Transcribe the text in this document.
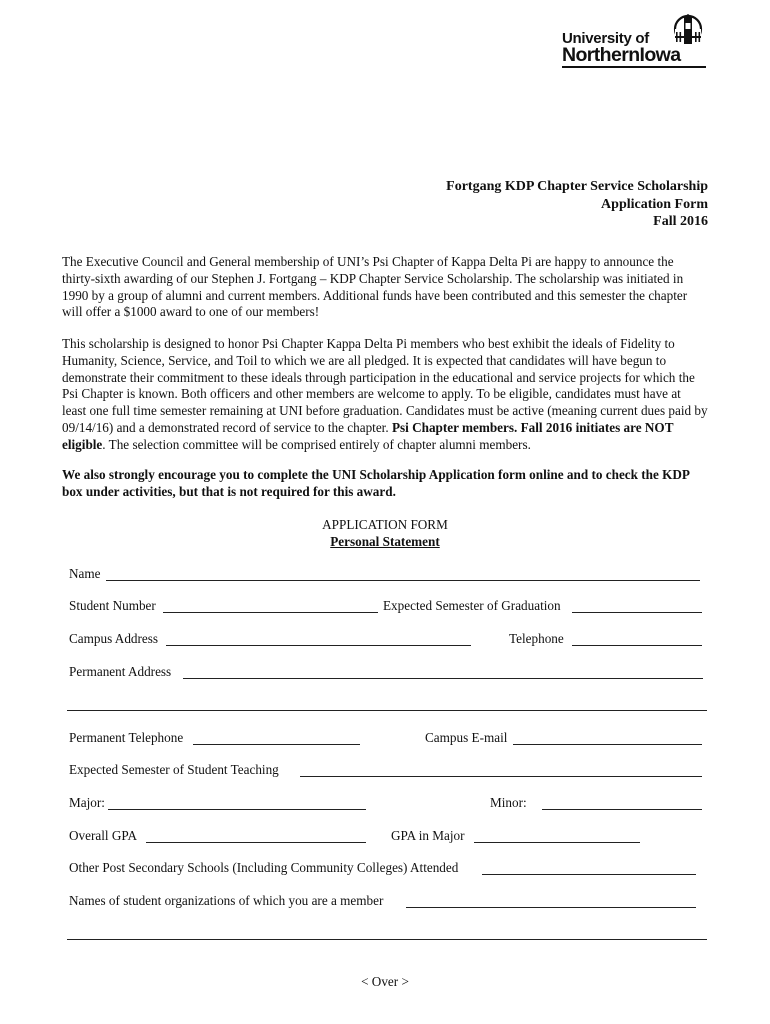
University of
NorthernIowa
Fortgang KDP Chapter Service Scholarship
Application Form
Fall 2016

The Executive Council and General membership of UNI’s Psi Chapter of Kappa Delta Pi are happy to announce the thirty-sixth awarding of our Stephen J. Fortgang – KDP Chapter Service Scholarship. The scholarship was initiated in 1990 by a group of alumni and current members. Additional funds have been contributed and this semester the chapter will offer a $1000 award to one of our members!

This scholarship is designed to honor Psi Chapter Kappa Delta Pi members who best exhibit the ideals of Fidelity to Humanity, Science, Service, and Toil to which we are all pledged. It is expected that candidates will have begun to demonstrate their commitment to these ideals through participation in the educational and service projects for which the Psi Chapter is known. Both officers and other members are welcome to apply. To be eligible, candidates must have at least one full time semester remaining at UNI before graduation. Candidates must be active (meaning current dues paid by 09/14/16) and a demonstrated record of service to the chapter. Psi Chapter members. Fall 2016 initiates are NOT eligible. The selection committee will be comprised entirely of chapter alumni members.

We also strongly encourage you to complete the UNI Scholarship Application form online and to check the KDP box under activities, but that is not required for this award.

APPLICATION FORM
Personal Statement
Name
Student Number	Expected Semester of Graduation
Campus Address	Telephone
Permanent Address
Permanent Telephone	Campus E-mail
Expected Semester of Student Teaching
Major:	Minor:
Overall GPA	GPA in Major
Other Post Secondary Schools (Including Community Colleges) Attended
Names of student organizations of which you are a member
< Over >
